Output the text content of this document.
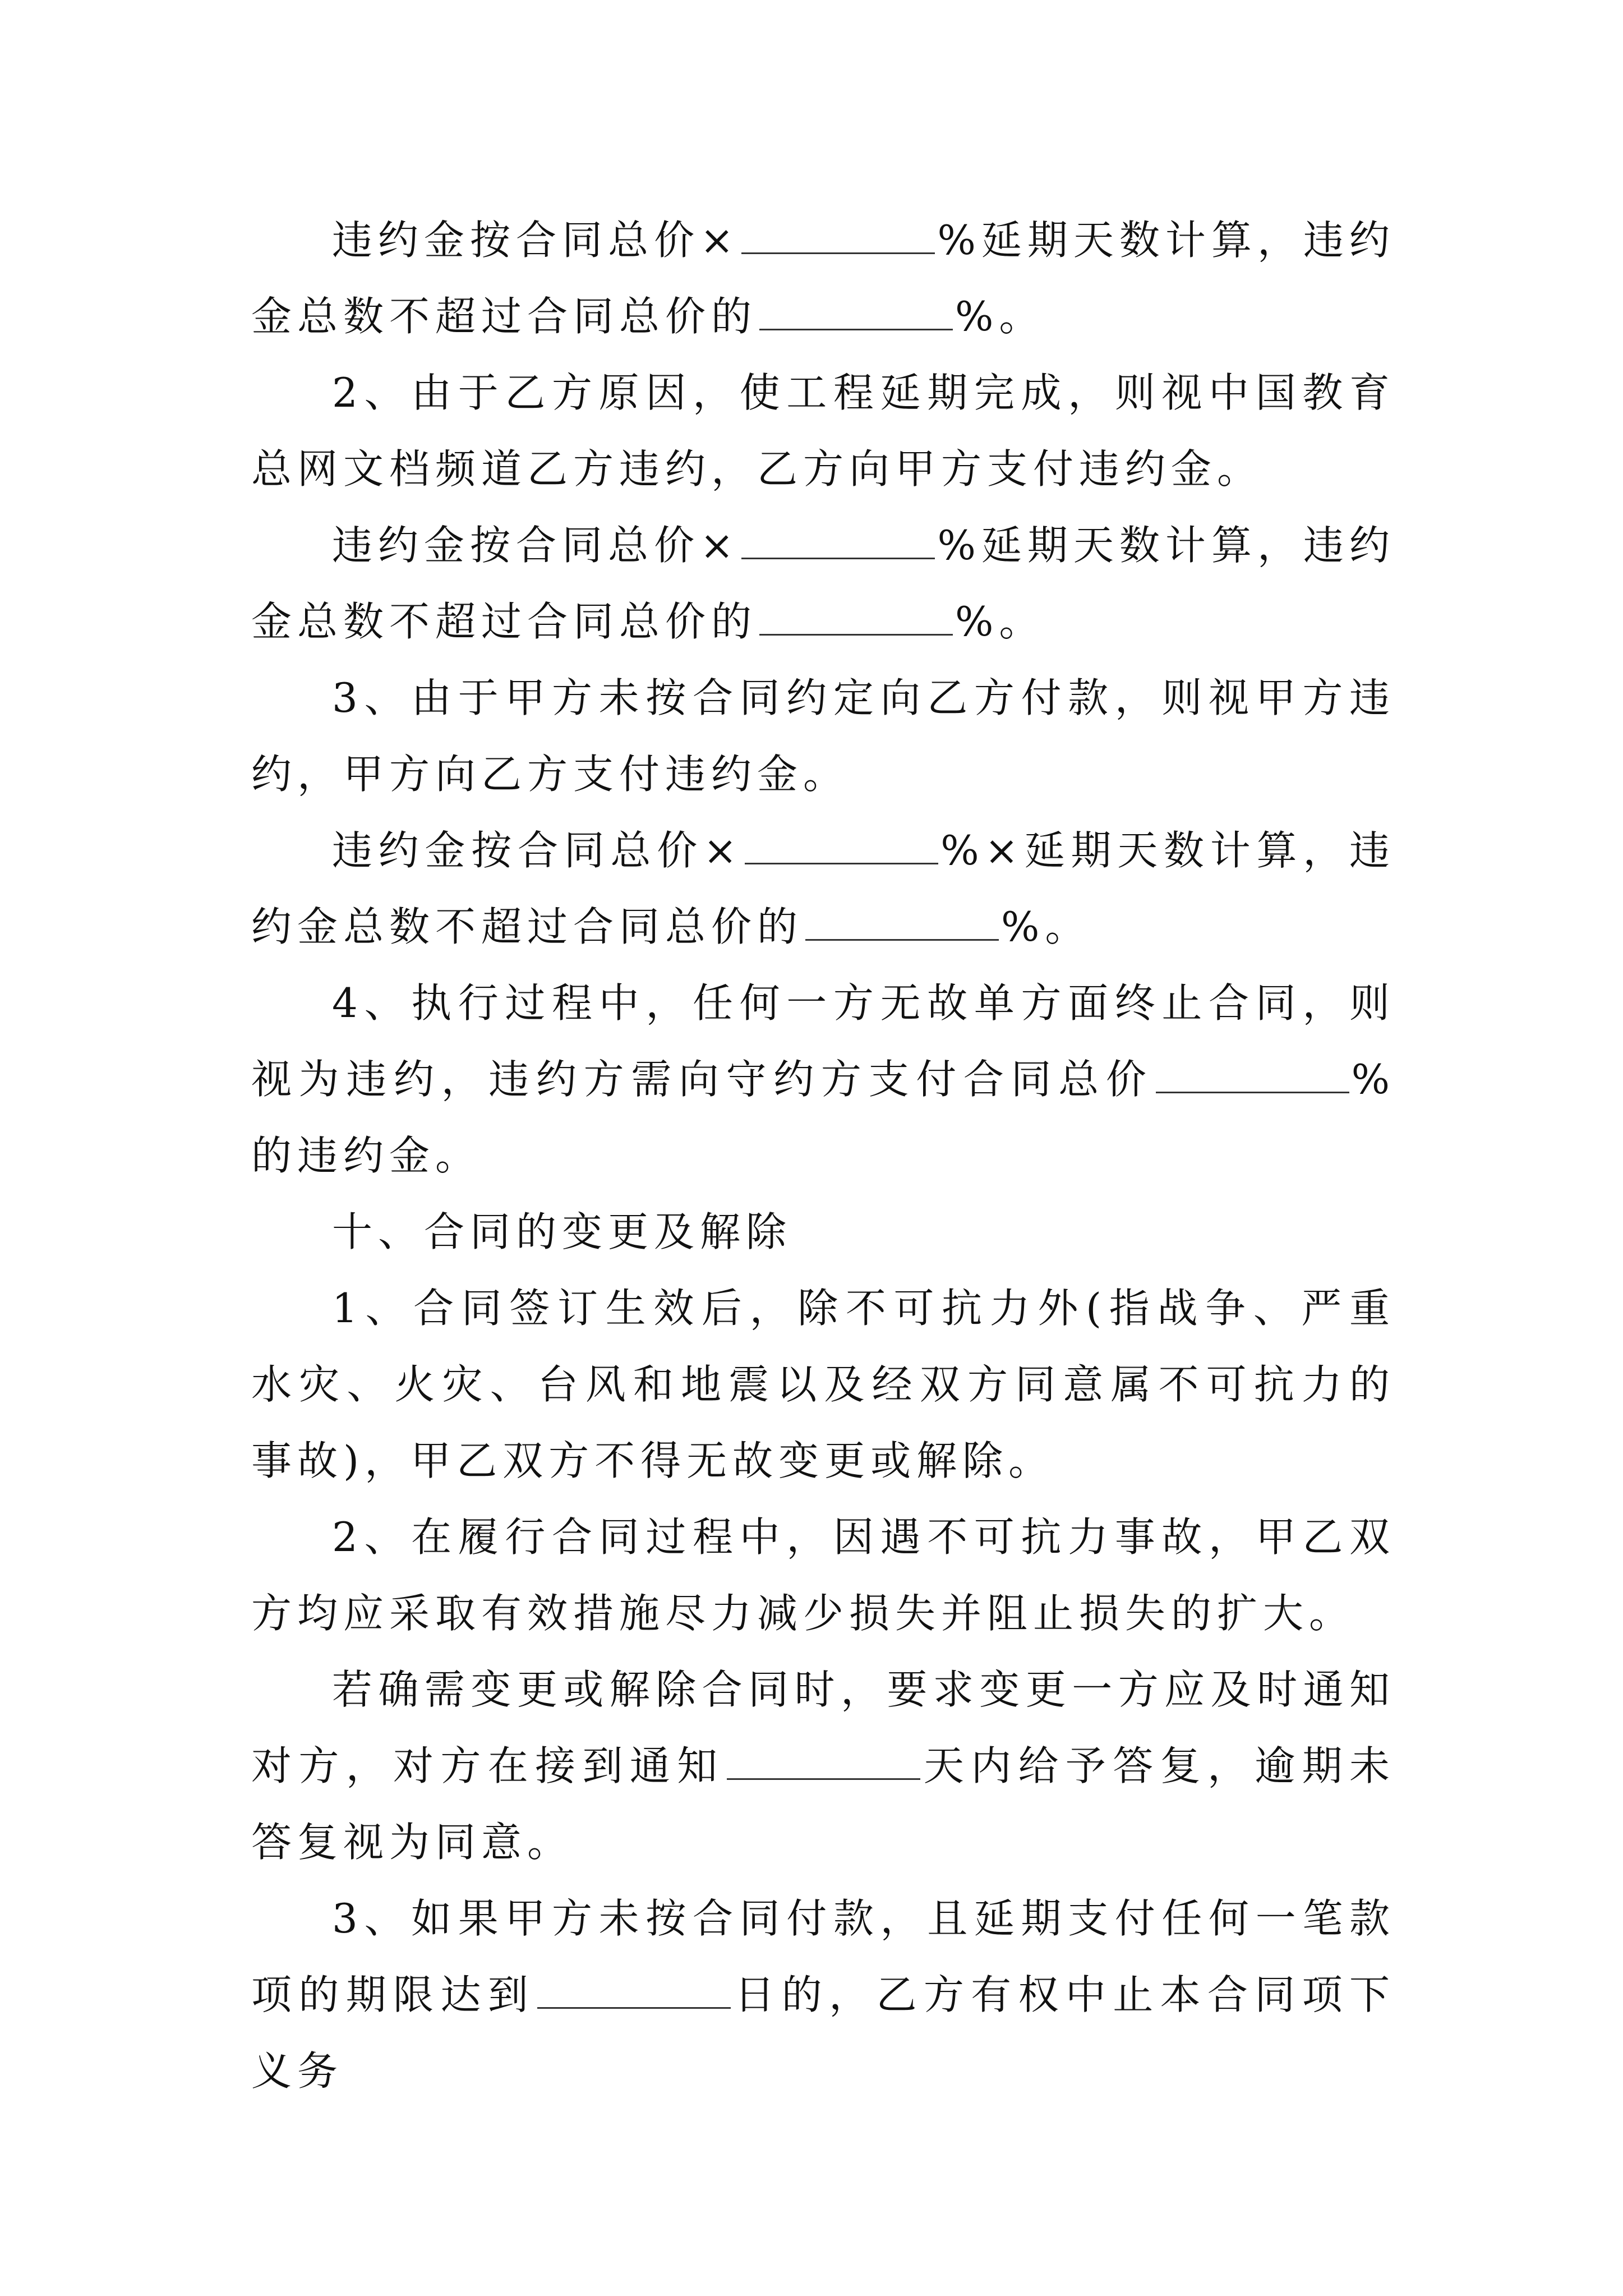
违约金按合同总价×	%延期天数计算，违约金总数不超过合同总价的	%。

2、由于乙方原因，使工程延期完成，则视中国教育总网文档频道乙方违约，乙方向甲方支付违约金。

违约金按合同总价×	%延期天数计算，违约金总数不超过合同总价的	%。

3、由于甲方未按合同约定向乙方付款，则视甲方违约，甲方向乙方支付违约金。

违约金按合同总价×	%×延期天数计算，违约金总数不超过合同总价的	%。

4、执行过程中，任何一方无故单方面终止合同，则视为违约，违约方需向守约方支付合同总价	%的违约金。

十、合同的变更及解除

1、合同签订生效后，除不可抗力外(指战争、严重水灾、火灾、台风和地震以及经双方同意属不可抗力的事故)，甲乙双方不得无故变更或解除。

2、在履行合同过程中，因遇不可抗力事故，甲乙双方均应采取有效措施尽力减少损失并阻止损失的扩大。

若确需变更或解除合同时，要求变更一方应及时通知对方，对方在接到通知	天内给予答复，逾期未答复视为同意。

3、如果甲方未按合同付款，且延期支付任何一笔款项的期限达到	日的，乙方有权中止本合同项下义务
